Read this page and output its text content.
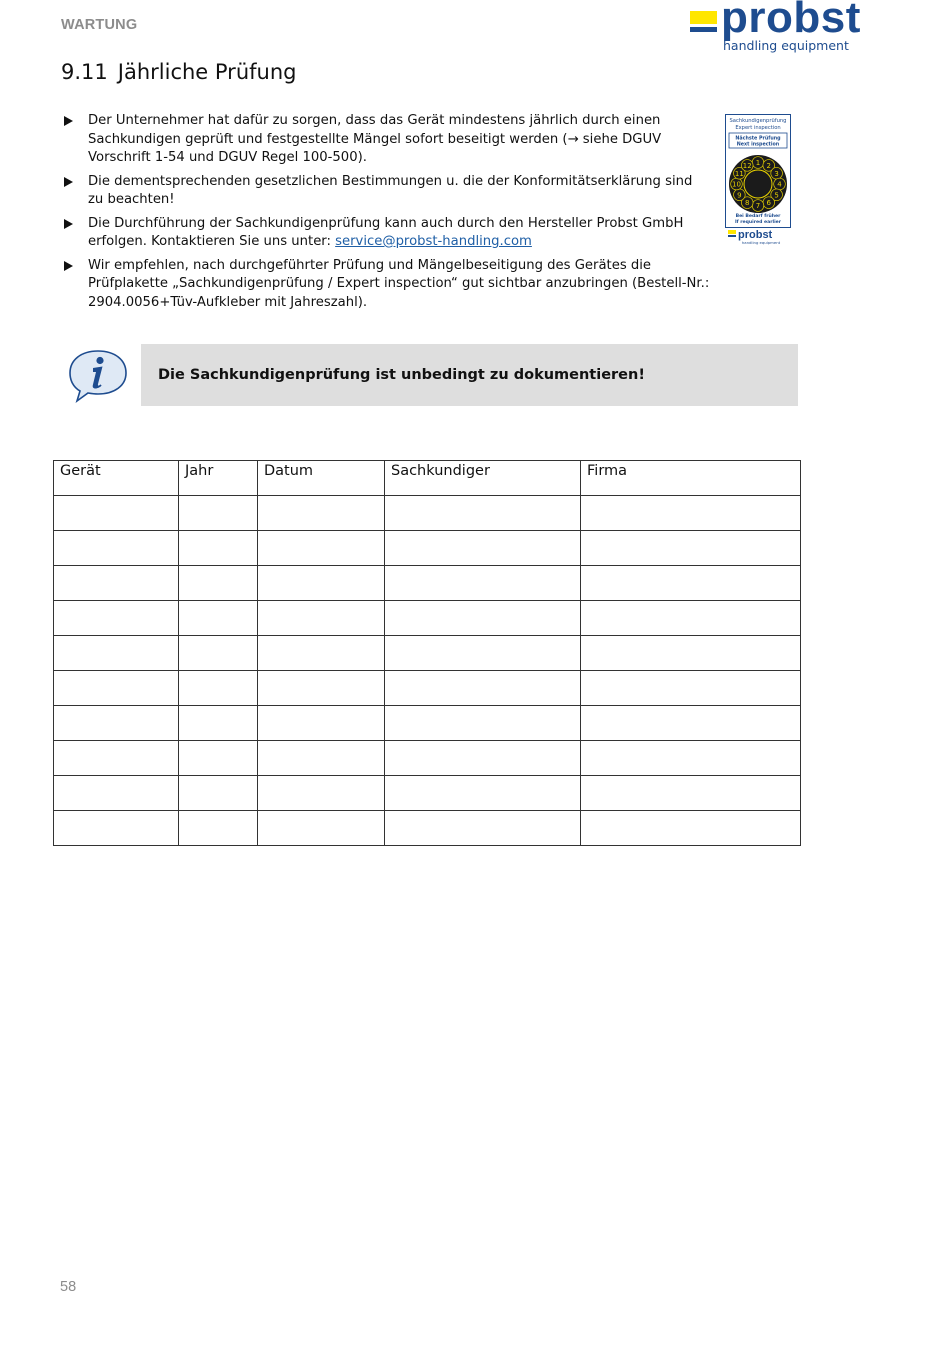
WARTUNG	probst
handling equipment
9.11 Jährliche Prüfung
Der Unternehmer hat dafür zu sorgen, dass das Gerät mindestens jährlich durch einen Sachkundigen geprüft und festgestellte Mängel sofort beseitigt werden (→ siehe DGUV Vorschrift 1-54 und DGUV Regel 100-500).
Die dementsprechenden gesetzlichen Bestimmungen u. die der Konformitätserklärung sind zu beachten!
Die Durchführung der Sachkundigenprüfung kann auch durch den Hersteller Probst GmbH erfolgen. Kontaktieren Sie uns unter: service@probst-handling.com
Wir empfehlen, nach durchgeführter Prüfung und Mängelbeseitigung des Gerätes die Prüfplakette „Sachkundigenprüfung / Expert inspection“ gut sichtbar anzubringen (Bestell-Nr.: 2904.0056+Tüv-Aufkleber mit Jahreszahl).
Sachkundigenprüfung
Expert inspection
Nächste Prüfung
Next inspection
1 2
3
4
5
6
7
8
9
10
11
12
Bei Bedarf früher
If required earlier
probst
handling equipment
Die Sachkundigenprüfung ist unbedingt zu dokumentieren!
Gerät	Jahr	Datum	Sachkundiger	Firma

58
